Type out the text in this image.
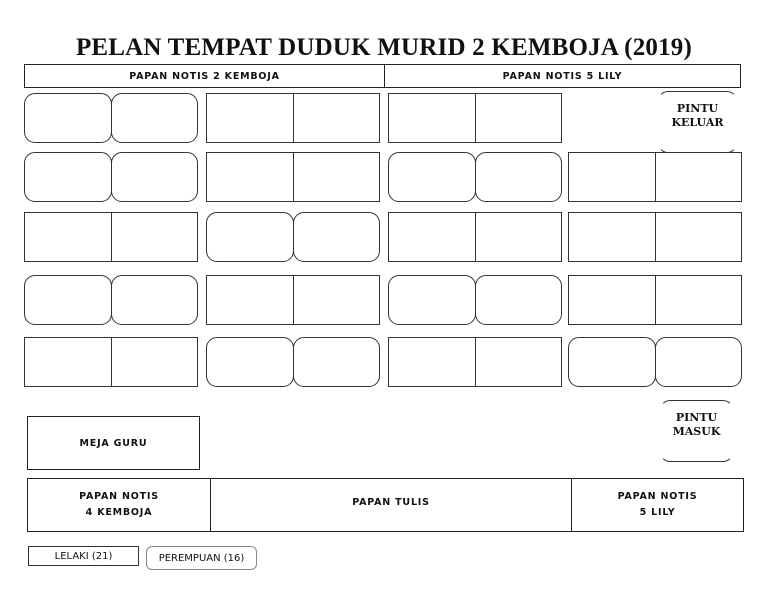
PELAN TEMPAT DUDUK MURID 2 KEMBOJA (2019)
PAPAN NOTIS 2 KEMBOJA	PAPAN NOTIS 5 LILY
PINTU
KELUAR
PINTU
MASUK
MEJA GURU
PAPAN NOTIS
4 KEMBOJA
PAPAN TULIS
PAPAN NOTIS
5 LILY
LELAKI (21)	PEREMPUAN (16)
